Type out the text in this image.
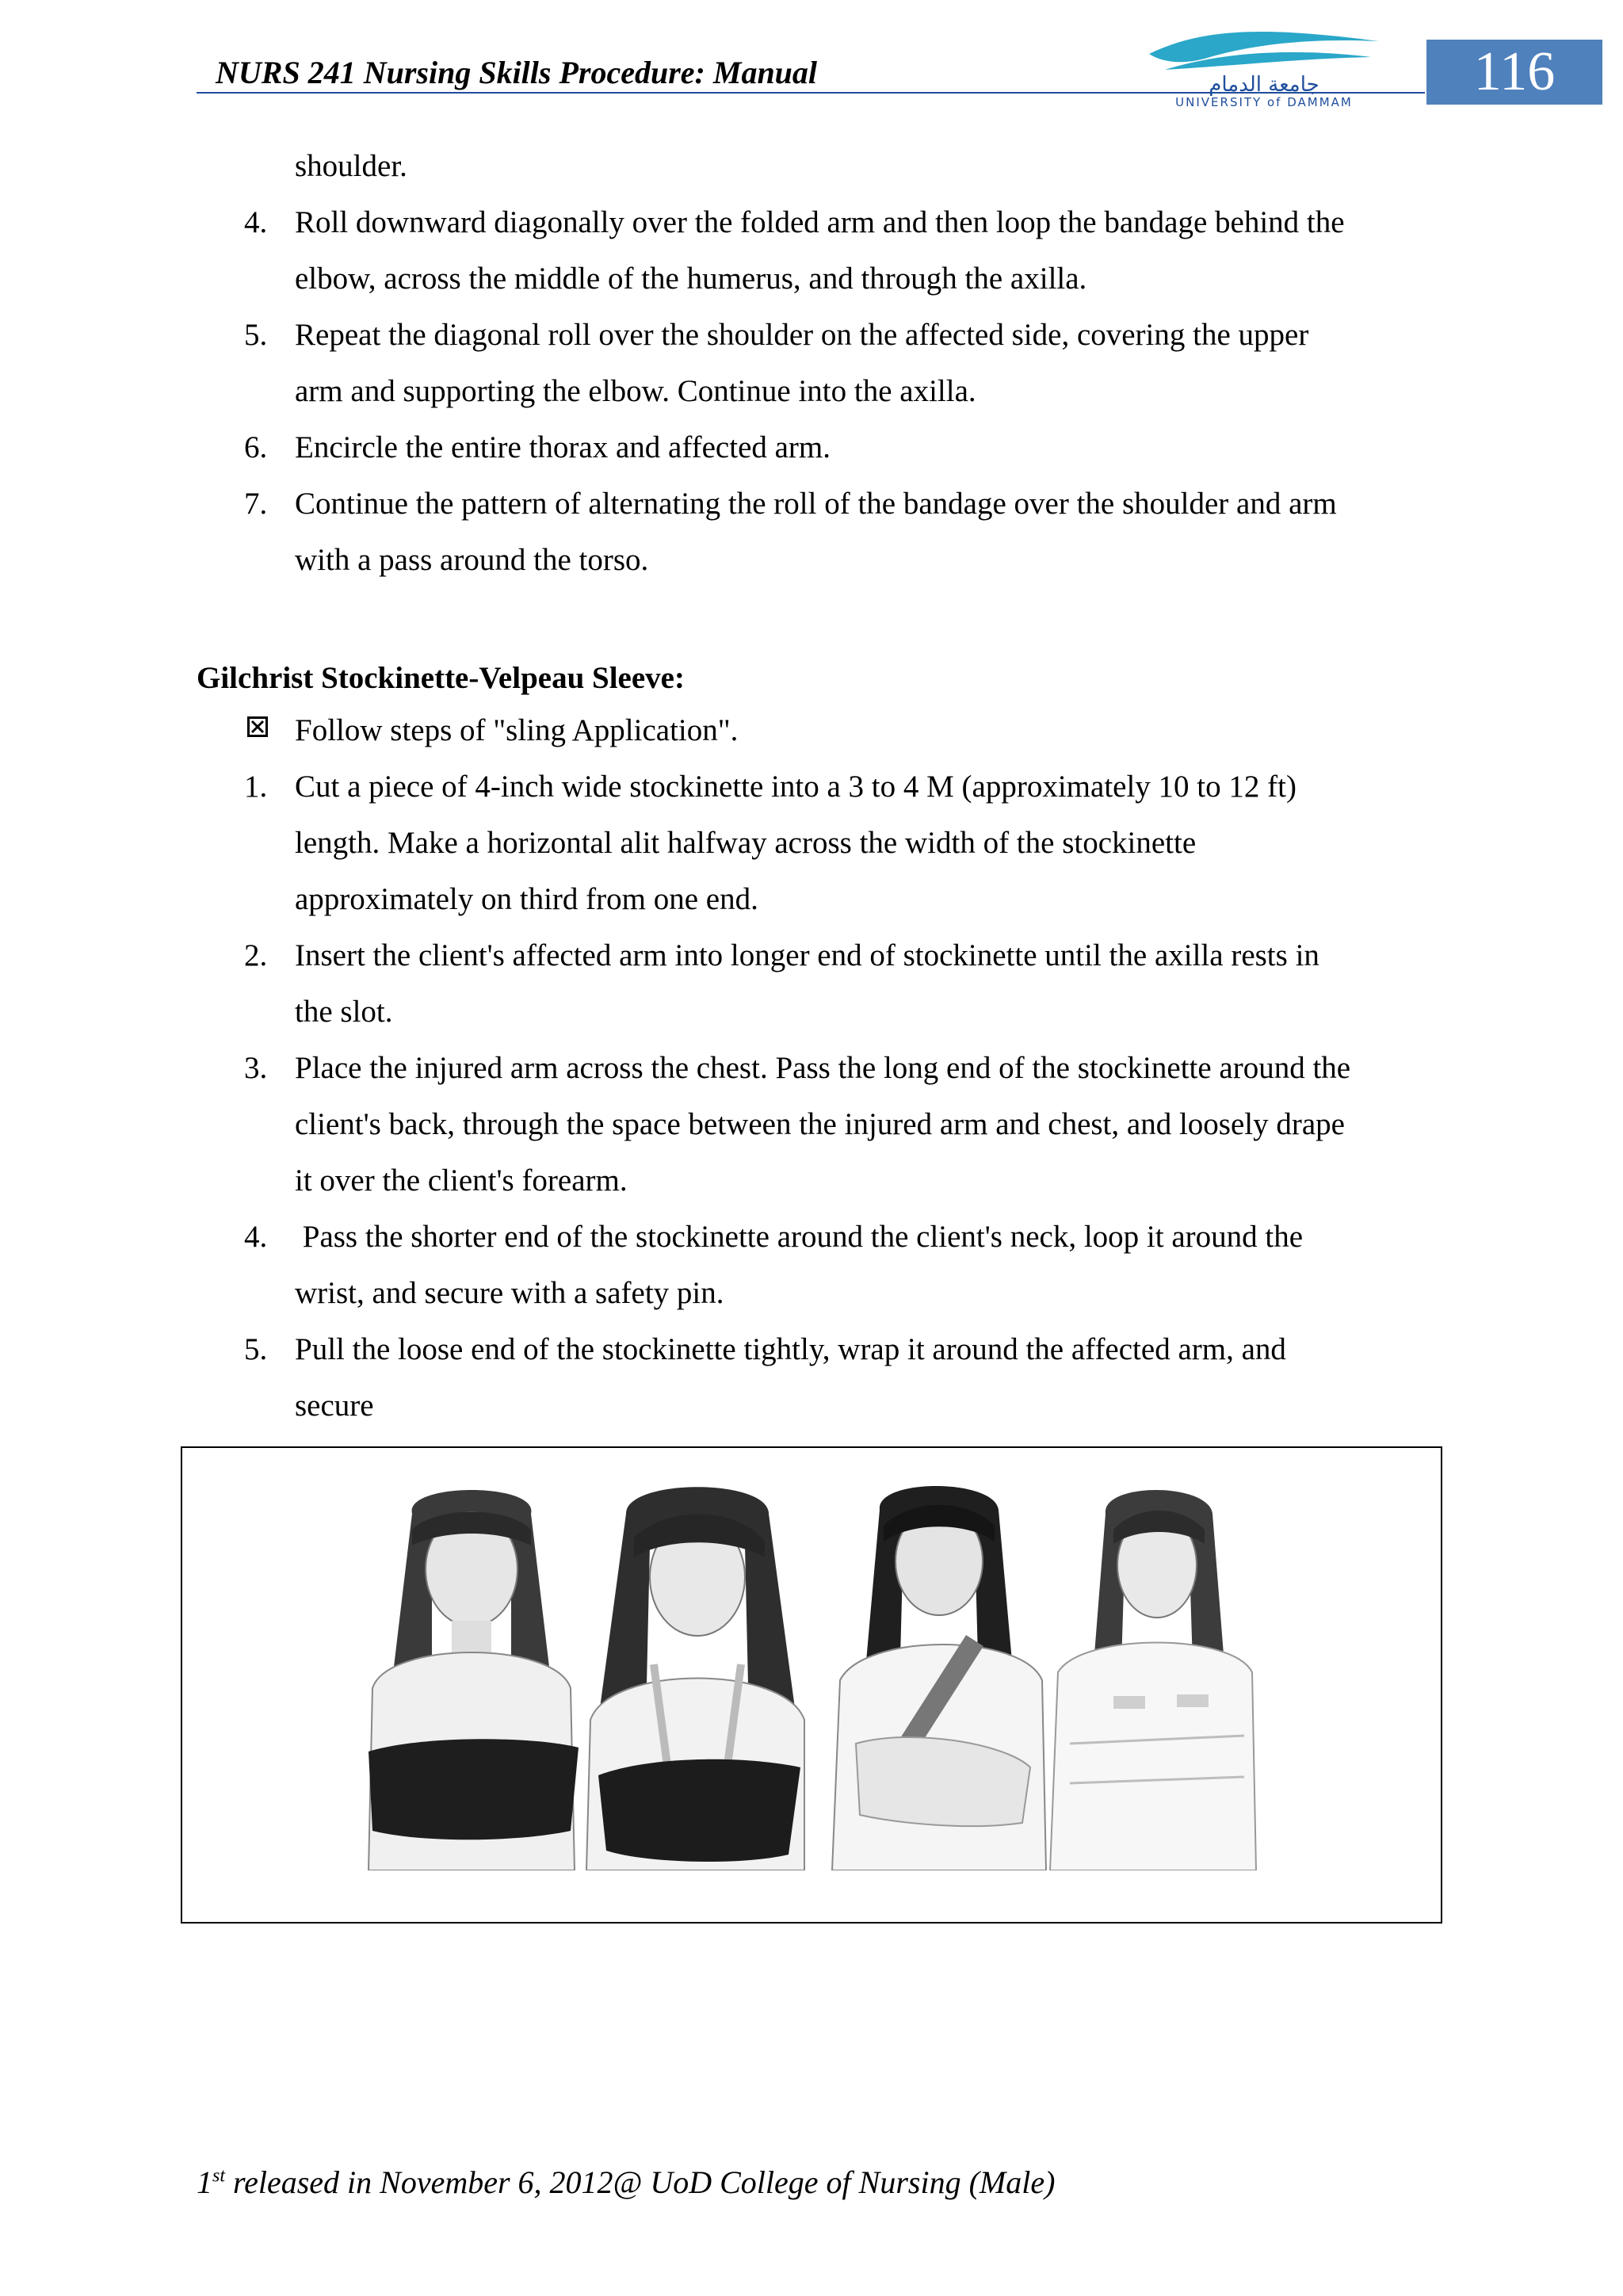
NURS 241 Nursing Skills Procedure: Manual	جامعة الدمام
UNIVERSITY of DAMMAM	116
shoulder.
4. Roll downward diagonally over the folded arm and then loop the bandage behind the
elbow, across the middle of the humerus, and through the axilla.
5. Repeat the diagonal roll over the shoulder on the affected side, covering the upper
arm and supporting the elbow. Continue into the axilla.
6. Encircle the entire thorax and affected arm.
7. Continue the pattern of alternating the roll of the bandage over the shoulder and arm
with a pass around the torso.
Gilchrist Stockinette-Velpeau Sleeve:
Follow steps of "sling Application".
1. Cut a piece of 4-inch wide stockinette into a 3 to 4 M (approximately 10 to 12 ft)
length. Make a horizontal alit halfway across the width of the stockinette
approximately on third from one end.
2. Insert the client's affected arm into longer end of stockinette until the axilla rests in
the slot.
3. Place the injured arm across the chest. Pass the long end of the stockinette around the
client's back, through the space between the injured arm and chest, and loosely drape
it over the client's forearm.
4. Pass the shorter end of the stockinette around the client's neck, loop it around the
wrist, and secure with a safety pin.
5. Pull the loose end of the stockinette tightly, wrap it around the affected arm, and
secure
1st released in November 6, 2012@ UoD College of Nursing (Male)
